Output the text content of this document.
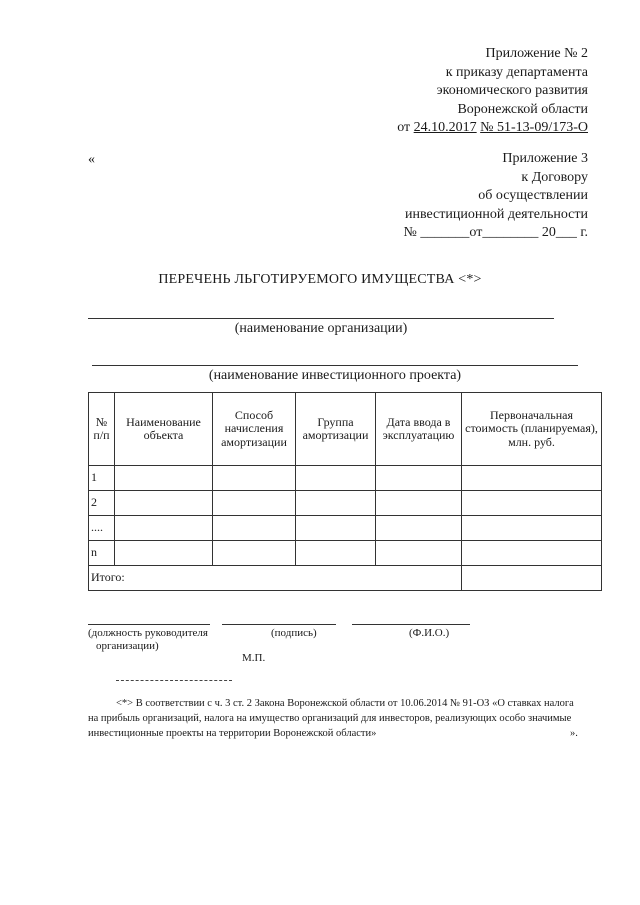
Приложение № 2
к приказу департамента
экономического развития
Воронежской области
от 24.10.2017 № 51-13-09/173-О
«	Приложение 3
к Договору
об осуществлении
инвестиционной деятельности
№ _______от________ 20___ г.
ПЕРЕЧЕНЬ ЛЬГОТИРУЕМОГО ИМУЩЕСТВА <*>
(наименование организации)
(наименование инвестиционного проекта)
№ п/п	Наименование объекта	Способ начисления амортизации	Группа амортизации	Дата ввода в эксплуатацию	Первоначальная стоимость (планируемая), млн. руб.
1					
2					
....					
n					
Итого:					
(должность руководителя
организации)
(подпись)	(Ф.И.О.)
М.П.
<*> В соответствии с ч. 3 ст. 2 Закона Воронежской области от 10.06.2014 № 91-ОЗ «О ставках налога
на прибыль организаций, налога на имущество организаций для инвесторов, реализующих особо значимые
инвестиционные проекты на территории Воронежской области»	».
